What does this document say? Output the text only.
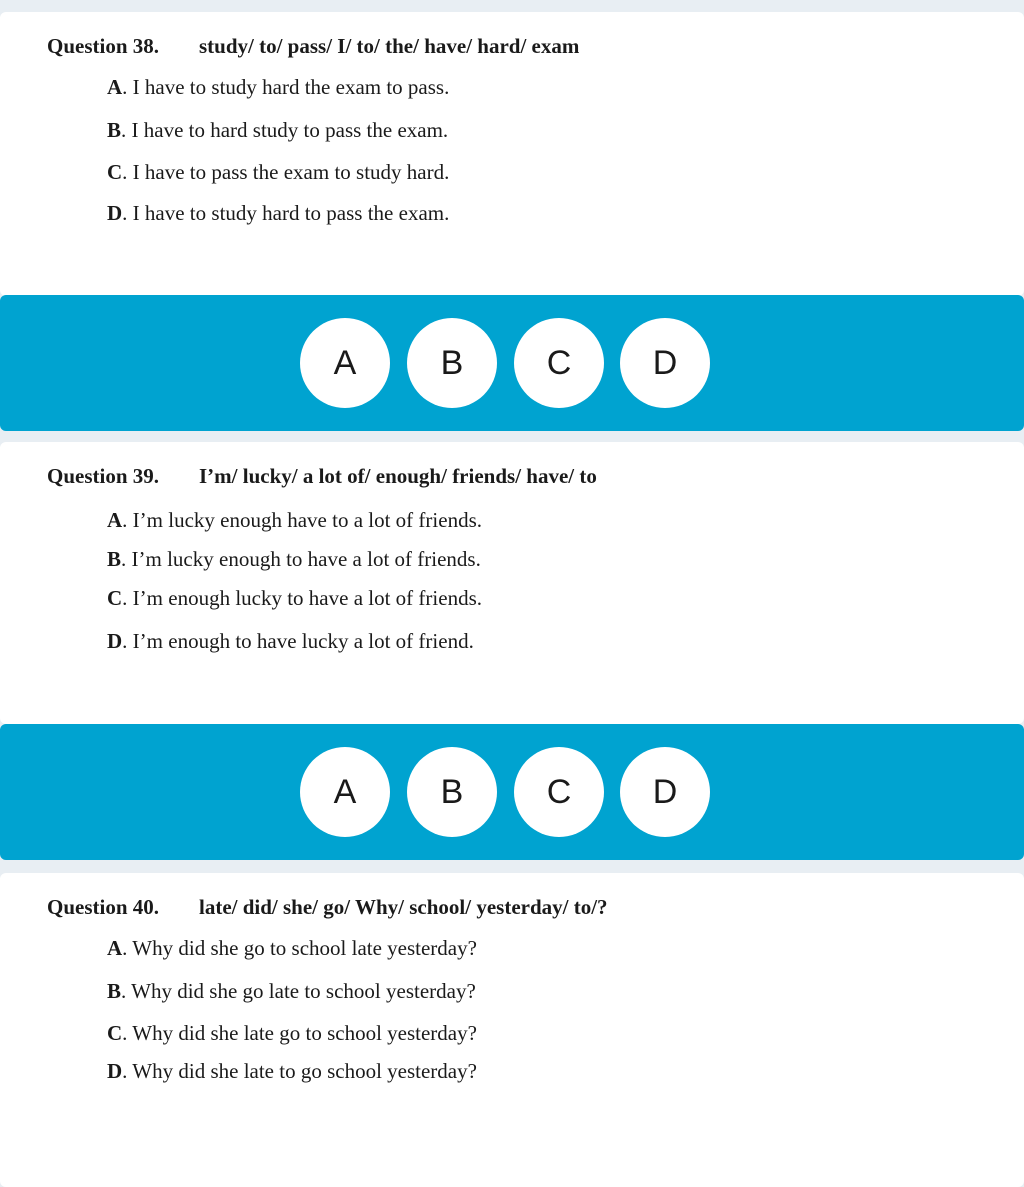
Question 38. study/ to/ pass/ I/ to/ the/ have/ hard/ exam
A. I have to study hard the exam to pass.
B. I have to hard study to pass the exam.
C. I have to pass the exam to study hard.
D. I have to study hard to pass the exam.
A	B	C	D
Question 39. I’m/ lucky/ a lot of/ enough/ friends/ have/ to
A. I’m lucky enough have to a lot of friends.
B. I’m lucky enough to have a lot of friends.
C. I’m enough lucky to have a lot of friends.
D. I’m enough to have lucky a lot of friend.
A	B	C	D
Question 40. late/ did/ she/ go/ Why/ school/ yesterday/ to/?
A. Why did she go to school late yesterday?
B. Why did she go late to school yesterday?
C. Why did she late go to school yesterday?
D. Why did she late to go school yesterday?
